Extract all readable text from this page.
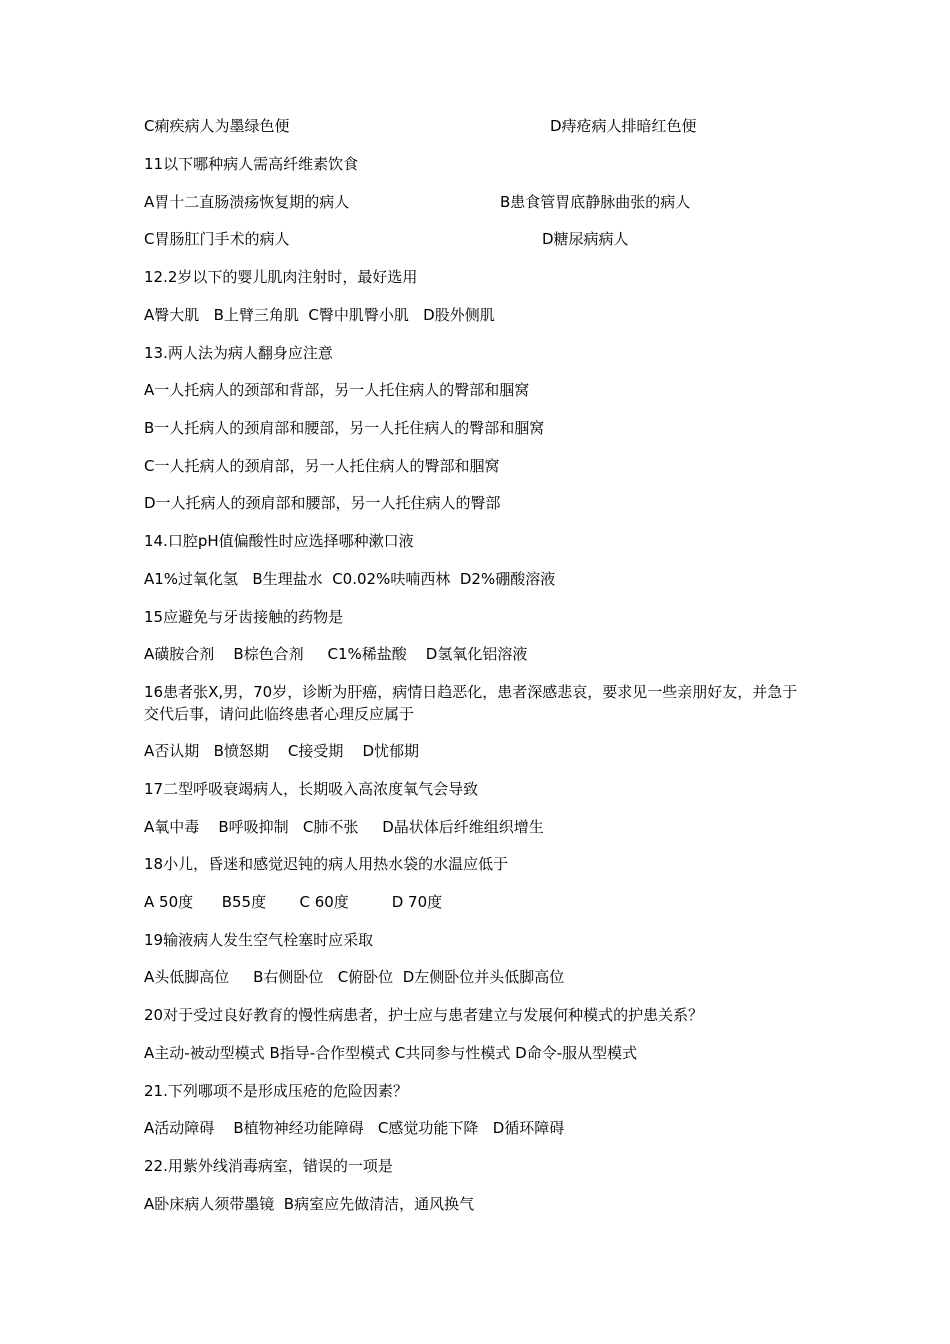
C痢疾病人为墨绿色便	D痔疮病人排暗红色便
11以下哪种病人需高纤维素饮食
A胃十二直肠溃疡恢复期的病人	B患食管胃底静脉曲张的病人
C胃肠肛门手术的病人	D糖尿病病人
12.2岁以下的婴儿肌肉注射时，最好选用
A臀大肌   B上臂三角肌  C臀中肌臀小肌   D股外侧肌
13.两人法为病人翻身应注意
A一人托病人的颈部和背部，另一人托住病人的臀部和腘窝
B一人托病人的颈肩部和腰部，另一人托住病人的臀部和腘窝
C一人托病人的颈肩部，另一人托住病人的臀部和腘窝
D一人托病人的颈肩部和腰部，另一人托住病人的臀部
14.口腔pH值偏酸性时应选择哪种漱口液
A1%过氧化氢   B生理盐水  C0.02%呋喃西林  D2%硼酸溶液
15应避免与牙齿接触的药物是
A磺胺合剂    B棕色合剂     C1%稀盐酸    D氢氧化铝溶液
16患者张X,男，70岁，诊断为肝癌，病情日趋恶化，患者深感悲哀，要求见一些亲朋好友，并急于交代后事，请问此临终患者心理反应属于
A否认期   B愤怒期    C接受期    D忧郁期
17二型呼吸衰竭病人，长期吸入高浓度氧气会导致
A氧中毒    B呼吸抑制   C肺不张     D晶状体后纤维组织增生
18小儿，昏迷和感觉迟钝的病人用热水袋的水温应低于
A 50度      B55度       C 60度         D 70度
19输液病人发生空气栓塞时应采取
A头低脚高位     B右侧卧位   C俯卧位  D左侧卧位并头低脚高位
20对于受过良好教育的慢性病患者，护士应与患者建立与发展何种模式的护患关系？
A主动-被动型模式 B指导-合作型模式 C共同参与性模式 D命令-服从型模式
21.下列哪项不是形成压疮的危险因素？
A活动障碍    B植物神经功能障碍   C感觉功能下降   D循环障碍
22.用紫外线消毒病室，错误的一项是
A卧床病人须带墨镜  B病室应先做清洁，通风换气
